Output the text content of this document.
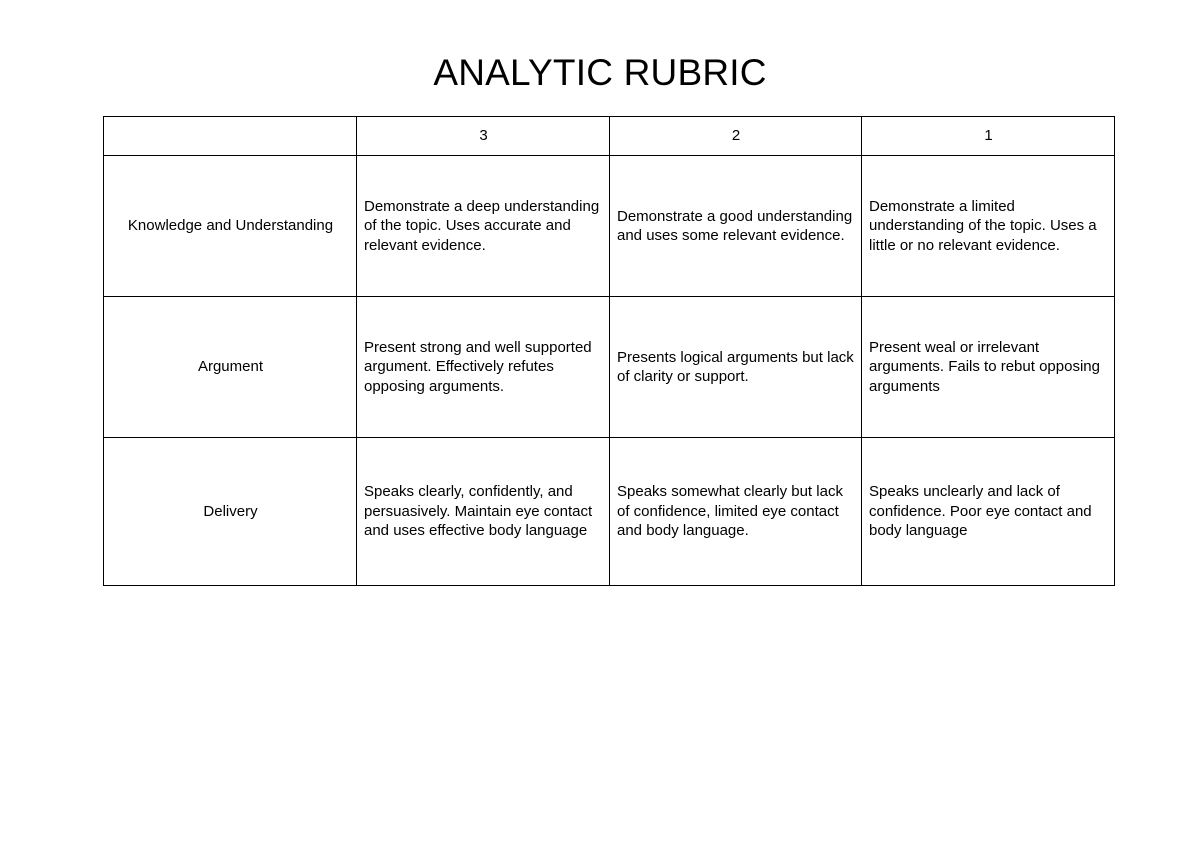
ANALYTIC RUBRIC
	3	2	1
Knowledge and Understanding	Demonstrate a deep understanding of the topic. Uses accurate and relevant evidence.	Demonstrate a good understanding and uses some relevant evidence.	Demonstrate a limited understanding of the topic. Uses a little or no relevant evidence.
Argument	Present strong and well supported argument. Effectively refutes opposing arguments.	Presents logical arguments but lack of clarity or support.	Present weal or irrelevant arguments. Fails to rebut opposing arguments
Delivery	Speaks clearly, confidently, and persuasively. Maintain eye contact and uses effective body language	Speaks somewhat clearly but lack of confidence, limited eye contact and body language.	Speaks unclearly and lack of confidence. Poor eye contact and body language
